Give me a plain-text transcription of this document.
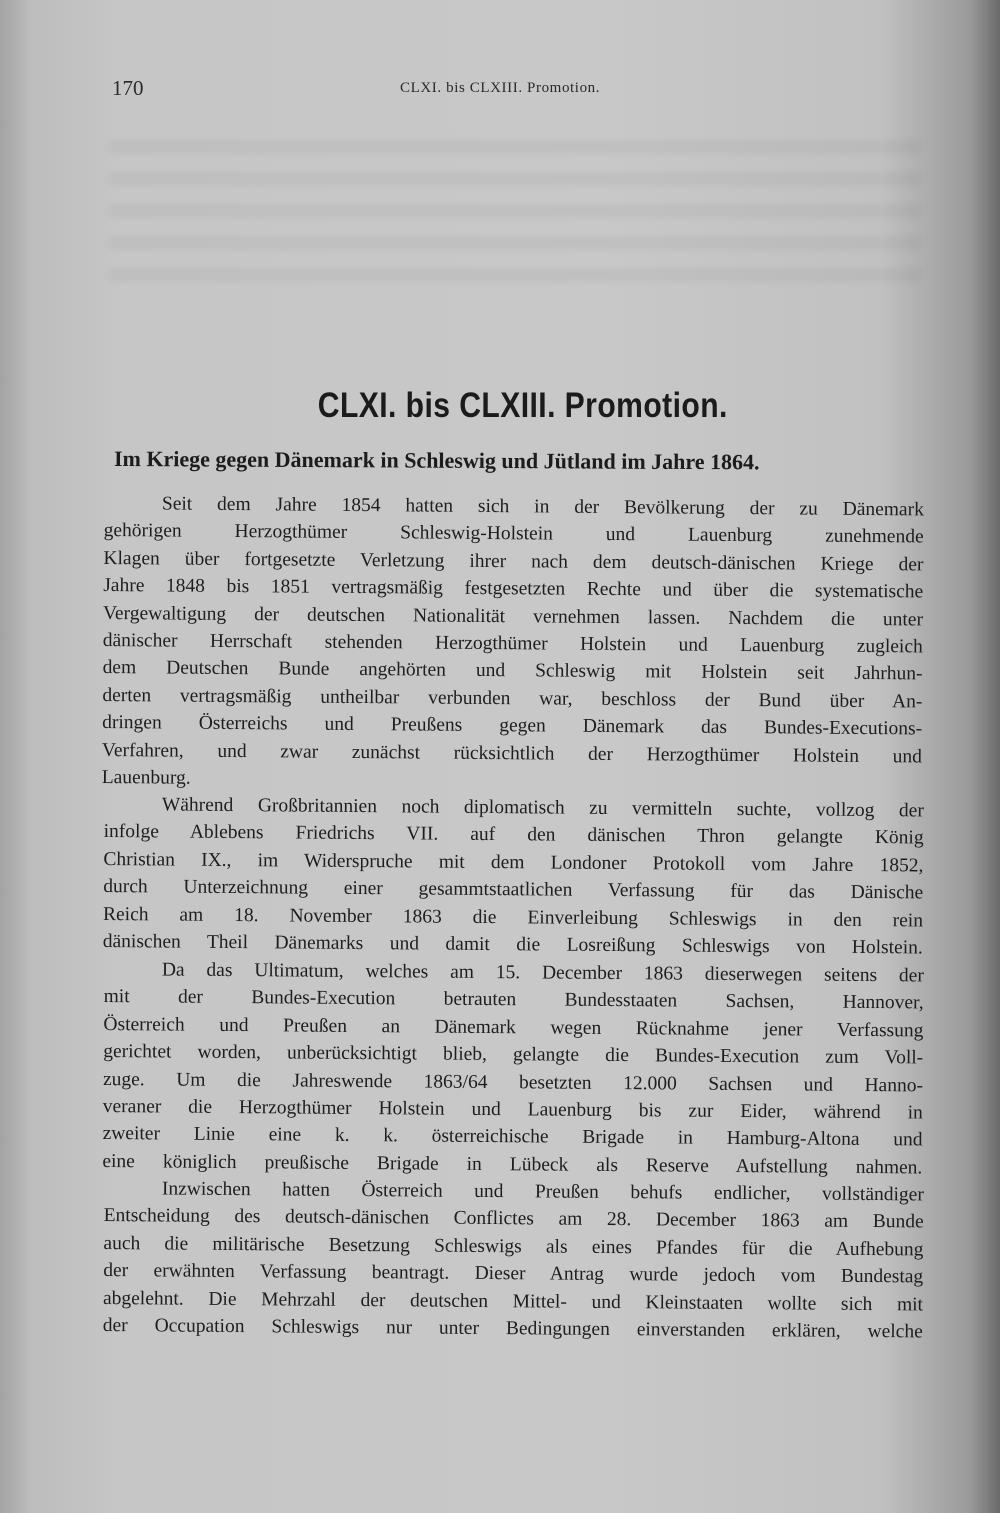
170	CLXI. bis CLXIII. Promotion.
CLXI. bis CLXIII. Promotion.
Im Kriege gegen Dänemark in Schleswig und Jütland im Jahre 1864.

Seit dem Jahre 1854 hatten sich in der Bevölkerung der zu Dänemark
gehörigen Herzogthümer Schleswig-Holstein und Lauenburg zunehmende
Klagen über fortgesetzte Verletzung ihrer nach dem deutsch-dänischen Kriege der
Jahre 1848 bis 1851 vertragsmäßig festgesetzten Rechte und über die systematische
Vergewaltigung der deutschen Nationalität vernehmen lassen. Nachdem die unter
dänischer Herrschaft stehenden Herzogthümer Holstein und Lauenburg zugleich
dem Deutschen Bunde angehörten und Schleswig mit Holstein seit Jahrhun-
derten vertragsmäßig untheilbar verbunden war, beschloss der Bund über An-
dringen Österreichs und Preußens gegen Dänemark das Bundes-Executions-
Verfahren, und zwar zunächst rücksichtlich der Herzogthümer Holstein und
Lauenburg.

Während Großbritannien noch diplomatisch zu vermitteln suchte, vollzog der
infolge Ablebens Friedrichs VII. auf den dänischen Thron gelangte König
Christian IX., im Widerspruche mit dem Londoner Protokoll vom Jahre 1852,
durch Unterzeichnung einer gesammtstaatlichen Verfassung für das Dänische
Reich am 18. November 1863 die Einverleibung Schleswigs in den rein
dänischen Theil Dänemarks und damit die Losreißung Schleswigs von Holstein.

Da das Ultimatum, welches am 15. December 1863 dieserwegen seitens der
mit der Bundes-Execution betrauten Bundesstaaten Sachsen, Hannover,
Österreich und Preußen an Dänemark wegen Rücknahme jener Verfassung
gerichtet worden, unberücksichtigt blieb, gelangte die Bundes-Execution zum Voll-
zuge. Um die Jahreswende 1863/64 besetzten 12.000 Sachsen und Hanno-
veraner die Herzogthümer Holstein und Lauenburg bis zur Eider, während in
zweiter Linie eine k. k. österreichische Brigade in Hamburg-Altona und
eine königlich preußische Brigade in Lübeck als Reserve Aufstellung nahmen.

Inzwischen hatten Österreich und Preußen behufs endlicher, vollständiger
Entscheidung des deutsch-dänischen Conflictes am 28. December 1863 am Bunde
auch die militärische Besetzung Schleswigs als eines Pfandes für die Aufhebung
der erwähnten Verfassung beantragt. Dieser Antrag wurde jedoch vom Bundestag
abgelehnt. Die Mehrzahl der deutschen Mittel- und Kleinstaaten wollte sich mit
der Occupation Schleswigs nur unter Bedingungen einverstanden erklären, welche
